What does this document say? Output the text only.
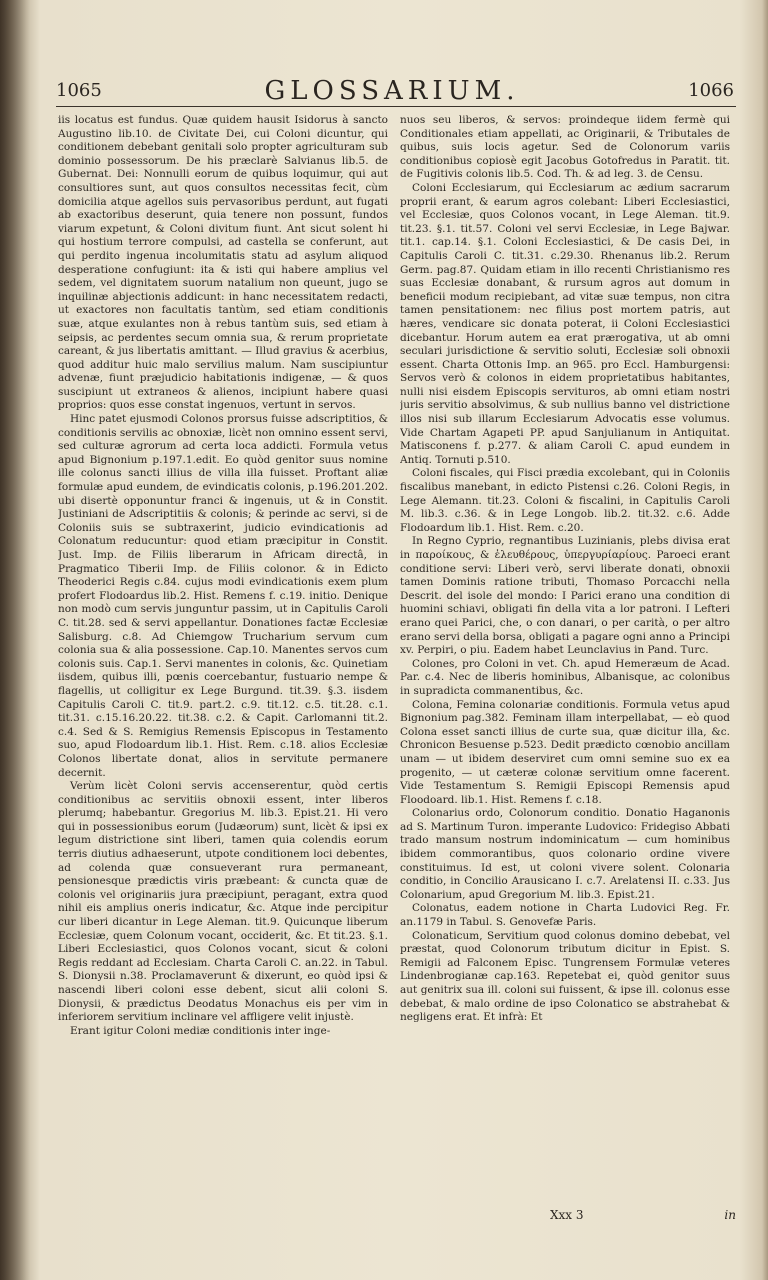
1065	GLOSSARIUM.	1066

iis locatus est fundus. Quæ quidem hausit Isidorus à sancto Augustino lib.10. de Civitate Dei, cui Coloni dicuntur, qui conditionem debebant genitali solo propter agriculturam sub dominio possessorum. De his præclarè Salvianus lib.5. de Gubernat. Dei: Nonnulli eorum de quibus loquimur, qui aut consultiores sunt, aut quos consultos necessitas fecit, cùm domicilia atque agellos suis pervasoribus perdunt, aut fugati ab exactoribus deserunt, quia tenere non possunt, fundos viarum expetunt, & Coloni divitum fiunt. Ant sicut solent hi qui hostium terrore compulsi, ad castella se conferunt, aut qui perdito ingenua incolumitatis statu ad asylum aliquod desperatione confugiunt: ita & isti qui habere amplius vel sedem, vel dignitatem suorum natalium non queunt, jugo se inquilinæ abjectionis addicunt: in hanc necessitatem redacti, ut exactores non facultatis tantùm, sed etiam conditionis suæ, atque exulantes non à rebus tantùm suis, sed etiam à seipsis, ac perdentes secum omnia sua, & rerum proprietate careant, & jus libertatis amittant. — Illud gravius & acerbius, quod additur huic malo servilius malum. Nam suscipiuntur advenæ, fiunt præjudicio habitationis indigenæ, — & quos suscipiunt ut extraneos & alienos, incipiunt habere quasi proprios: quos esse constat ingenuos, vertunt in servos.

Hinc patet ejusmodi Colonos prorsus fuisse adscriptitios, & conditionis servilis ac obnoxiæ, licèt non omnino essent servi, sed culturæ agrorum ad certa loca addicti. Formula vetus apud Bignonium p.197.1.edit. Eo quòd genitor suus nomine ille colonus sancti illius de villa illa fuisset. Proftant aliæ formulæ apud eundem, de evindicatis colonis, p.196.201.202. ubi disertè opponuntur franci & ingenuis, ut & in Constit. Justiniani de Adscriptitiis & colonis; & perinde ac servi, si de Coloniis suis se subtraxerint, judicio evindicationis ad Colonatum reducuntur: quod etiam præcipitur in Constit. Just. Imp. de Filiis liberarum in Africam directâ, in Pragmatico Tiberii Imp. de Filiis colonor. & in Edicto Theoderici Regis c.84. cujus modi evindicationis exem plum profert Flodoardus lib.2. Hist. Remens f. c.19. initio. Denique non modò cum servis junguntur passim, ut in Capitulis Caroli C. tit.28. sed & servi appellantur. Donationes factæ Ecclesiæ Salisburg. c.8. Ad Chiemgow Trucharium servum cum colonia sua & alia possessione. Cap.10. Manentes servos cum colonis suis. Cap.1. Servi manentes in colonis, &c. Quinetiam iisdem, quibus illi, pœnis coercebantur, fustuario nempe & flagellis, ut colligitur ex Lege Burgund. tit.39. §.3. iisdem Capitulis Caroli C. tit.9. part.2. c.9. tit.12. c.5. tit.28. c.1. tit.31. c.15.16.20.22. tit.38. c.2. & Capit. Carlomanni tit.2. c.4. Sed & S. Remigius Remensis Episcopus in Testamento suo, apud Flodoardum lib.1. Hist. Rem. c.18. alios Ecclesiæ Colonos libertate donat, alios in servitute permanere decernit.

Verùm licèt Coloni servis accenserentur, quòd certis conditionibus ac servitiis obnoxii essent, inter liberos plerumq; habebantur. Gregorius M. lib.3. Epist.21. Hi vero qui in possessionibus eorum (Judæorum) sunt, licèt & ipsi ex legum districtione sint liberi, tamen quia colendis eorum terris diutius adhaeserunt, utpote conditionem loci debentes, ad colenda quæ consueverant rura permaneant, pensionesque prædictis viris præbeant: & cuncta quæ de colonis vel originariis jura præcipiunt, peragant, extra quod nihil eis amplius oneris indicatur, &c. Atque inde percipitur cur liberi dicantur in Lege Aleman. tit.9. Quicunque liberum Ecclesiæ, quem Colonum vocant, occiderit, &c. Et tit.23. §.1. Liberi Ecclesiastici, quos Colonos vocant, sicut & coloni Regis reddant ad Ecclesiam. Charta Caroli C. an.22. in Tabul. S. Dionysii n.38. Proclamaverunt & dixerunt, eo quòd ipsi & nascendi liberi coloni esse debent, sicut alii coloni S. Dionysii, & prædictus Deodatus Monachus eis per vim in inferiorem servitium inclinare vel affligere velit injustè.

Erant igitur Coloni mediæ conditionis inter inge-

nuos seu liberos, & servos: proindeque iidem fermè qui Conditionales etiam appellati, ac Originarii, & Tributales de quibus, suis locis agetur. Sed de Colonorum variis conditionibus copiosè egit Jacobus Gotofredus in Paratit. tit. de Fugitivis colonis lib.5. Cod. Th. & ad leg. 3. de Censu.

Coloni Ecclesiarum, qui Ecclesiarum ac ædium sacrarum proprii erant, & earum agros colebant: Liberi Ecclesiastici, vel Ecclesiæ, quos Colonos vocant, in Lege Aleman. tit.9. tit.23. §.1. tit.57. Coloni vel servi Ecclesiæ, in Lege Bajwar. tit.1. cap.14. §.1. Coloni Ecclesiastici, & De casis Dei, in Capitulis Caroli C. tit.31. c.29.30. Rhenanus lib.2. Rerum Germ. pag.87. Quidam etiam in illo recenti Christianismo res suas Ecclesiæ donabant, & rursum agros aut domum in beneficii modum recipiebant, ad vitæ suæ tempus, non citra tamen pensitationem: nec filius post mortem patris, aut hæres, vendicare sic donata poterat, ii Coloni Ecclesiastici dicebantur. Horum autem ea erat prærogativa, ut ab omni seculari jurisdictione & servitio soluti, Ecclesiæ soli obnoxii essent. Charta Ottonis Imp. an 965. pro Eccl. Hamburgensi: Servos verò & colonos in eidem proprietatibus habitantes, nulli nisi eisdem Episcopis servituros, ab omni etiam nostri juris servitio absolvimus, & sub nullius banno vel districtione illos nisi sub illarum Ecclesiarum Advocatis esse volumus. Vide Chartam Agapeti PP. apud Sanjulianum in Antiquitat. Matisconens f. p.277. & aliam Caroli C. apud eundem in Antiq. Tornuti p.510.

Coloni fiscales, qui Fisci prædia excolebant, qui in Coloniis fiscalibus manebant, in edicto Pistensi c.26. Coloni Regis, in Lege Alemann. tit.23. Coloni & fiscalini, in Capitulis Caroli M. lib.3. c.36. & in Lege Longob. lib.2. tit.32. c.6. Adde Flodoardum lib.1. Hist. Rem. c.20.

In Regno Cyprio, regnantibus Luzinianis, plebs divisa erat in παροίκους, & ἐλευθέρους, ὑπεργυρίαρίους. Paroeci erant conditione servi: Liberi verò, servi liberate donati, obnoxii tamen Dominis ratione tributi, Thomaso Porcacchi nella Descrit. del isole del mondo: I Parici erano una condition di huomini schiavi, obligati fin della vita a lor patroni. I Lefteri erano quei Parici, che, o con danari, o per carità, o per altro erano servi della borsa, obligati a pagare ogni anno a Principi xv. Perpiri, o piu. Eadem habet Leunclavius in Pand. Turc.

Colones, pro Coloni in vet. Ch. apud Hemeræum de Acad. Par. c.4. Nec de liberis hominibus, Albanisque, ac colonibus in supradicta commanentibus, &c.

Colona, Femina colonariæ conditionis. Formula vetus apud Bignonium pag.382. Feminam illam interpellabat, — eò quod Colona esset sancti illius de curte sua, quæ dicitur illa, &c. Chronicon Besuense p.523. Dedit prædicto cœnobio ancillam unam — ut ibidem deserviret cum omni semine suo ex ea progenito, — ut cæteræ colonæ servitium omne facerent. Vide Testamentum S. Remigii Episcopi Remensis apud Floodoard. lib.1. Hist. Remens f. c.18.

Colonarius ordo, Colonorum conditio. Donatio Haganonis ad S. Martinum Turon. imperante Ludovico: Fridegiso Abbati trado mansum nostrum indominicatum — cum hominibus ibidem commorantibus, quos colonario ordine vivere constituimus. Id est, ut coloni vivere solent. Colonaria conditio, in Concilio Arausicano I. c.7. Arelatensi II. c.33. Jus Colonarium, apud Gregorium M. lib.3. Epist.21.

Colonatus, eadem notione in Charta Ludovici Reg. Fr. an.1179 in Tabul. S. Genovefæ Paris.

Colonaticum, Servitium quod colonus domino debebat, vel præstat, quod Colonorum tributum dicitur in Epist. S. Remigii ad Falconem Episc. Tungrensem Formulæ veteres Lindenbrogianæ cap.163. Repetebat ei, quòd genitor suus aut genitrix sua ill. coloni sui fuissent, & ipse ill. colonus esse debebat, & malo ordine de ipso Colonatico se abstrahebat & negligens erat. Et infrà: Et

Xxx 3	in
